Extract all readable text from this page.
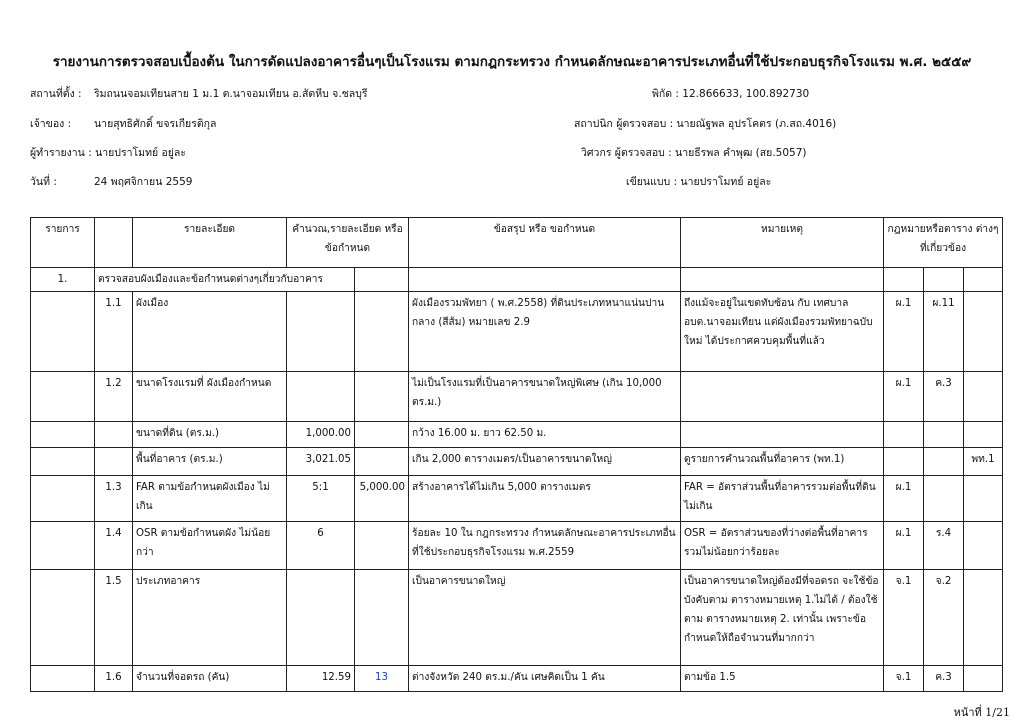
รายงานการตรวจสอบเบื้องต้น ในการดัดแปลงอาคารอื่นๆเป็นโรงแรม ตามกฎกระทรวง กำหนดลักษณะอาคารประเภทอื่นที่ใช้ประกอบธุรกิจโรงแรม พ.ศ. ๒๕๕๙
สถานที่ตั้ง : ริมถนนจอมเทียนสาย 1 ม.1 ต.นาจอมเทียน อ.สัตหีบ จ.ชลบุรี	พิกัด : 12.866633, 100.892730
เจ้าของ : นายสุทธิศักดิ์ ขจรเกียรติกุล	สถาปนิก ผู้ตรวจสอบ : นายณัฐพล อุปรโคตร (ภ.สถ.4016)
ผู้ทำรายงาน : นายปราโมทย์ อยู่ละ	วิศวกร ผู้ตรวจสอบ : นายธีรพล คำพุฒ (สย.5057)
วันที่ :	24 พฤศจิกายน 2559	เขียนแบบ : นายปราโมทย์ อยู่ละ
รายการ		รายละเอียด	คำนวณ,รายละเอียด หรือ ข้อกำหนด		ข้อสรุป หรือ ขอกำหนด	หมายเหตุ	กฎหมายหรือตาราง ต่างๆที่เกี่ยวข้อง		
1.	ตรวจสอบผังเมืองและข้อกำหนดต่างๆเกี่ยวกับอาคาร								
	1.1	ผังเมือง			ผังเมืองรวมพัทยา ( พ.ศ.2558) ที่ดินประเภทหนาแน่นปานกลาง (สีส้ม) หมายเลข 2.9	ถึงแม้จะอยู่ในเขตทับซ้อน กับ เทศบาล อบต.นาจอมเทียน แต่ผังเมืองรวมพัทยาฉบับใหม่ ได้ประกาศควบคุมพื้นที่แล้ว	ผ.1	ผ.11	
	1.2	ขนาดโรงแรมที่ ผังเมืองกำหนด			ไม่เป็นโรงแรมที่เป็นอาคารขนาดใหญ่พิเศษ (เกิน 10,000 ตร.ม.)		ผ.1	ค.3	
		ขนาดที่ดิน (ตร.ม.)	1,000.00		กว้าง 16.00 ม. ยาว 62.50 ม.				
		พื้นที่อาคาร (ตร.ม.)	3,021.05		เกิน 2,000 ตารางเมตร/เป็นอาคารขนาดใหญ่	ดูรายการคำนวณพื้นที่อาคาร (พท.1)			พท.1
	1.3	FAR ตามข้อกำหนดผังเมือง ไม่เกิน	5:1	5,000.00	สร้างอาคารได้ไม่เกิน 5,000 ตารางเมตร	FAR = อัตราส่วนพื้นที่อาคารรวมต่อพื้นที่ดินไม่เกิน	ผ.1		
	1.4	OSR ตามข้อกำหนดผัง ไม่น้อยกว่า	6		ร้อยละ 10 ใน กฎกระทรวง กำหนดลักษณะอาคารประเภทอื่นที่ใช้ประกอบธุรกิจโรงแรม พ.ศ.2559	OSR = อัตราส่วนของที่ว่างต่อพื้นที่อาคารรวมไม่น้อยกว่าร้อยละ	ผ.1	ร.4	
	1.5	ประเภทอาคาร			เป็นอาคารขนาดใหญ่	เป็นอาคารขนาดใหญ่ต้องมีที่จอดรถ จะใช้ข้อบังคับตาม ตารางหมายเหตุ 1.ไม่ได้ / ต้องใช้ตาม ตารางหมายเหตุ 2. เท่านั้น เพราะข้อกำหนดให้ถือจำนวนที่มากกว่า	จ.1	จ.2	
	1.6	จำนวนที่จอดรถ (คัน)	12.59	13	ต่างจังหวัด 240 ตร.ม./คัน เศษคิดเป็น 1 คัน	ตามข้อ 1.5	จ.1	ค.3	
หน้าที่ 1/21
